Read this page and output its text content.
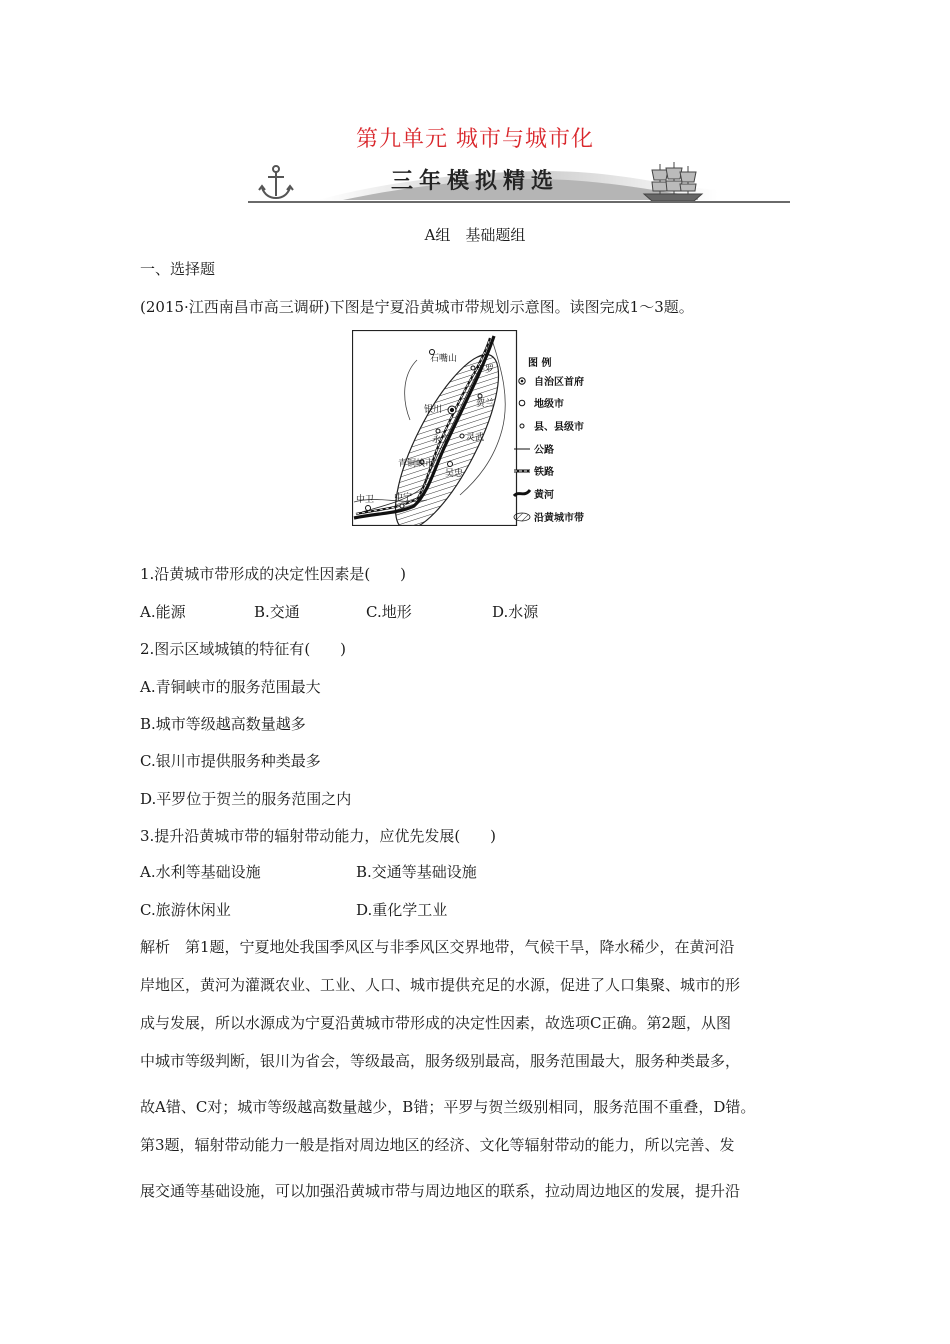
第九单元 城市与城市化
三年模拟精选
A组　基础题组
一、选择题
(2015·江西南昌市高三调研)下图是宁夏沿黄城市带规划示意图。读图完成1～3题。
石嘴山
平罗
贺兰
银川
永宁 灵武
青铜峡市
吴忠
中卫 中宁
图 例
自治区首府
地级市
县、县级市
公路
铁路
黄河
沿黄城市带
1.沿黄城市带形成的决定性因素是(　　)
A.能源	B.交通	C.地形	D.水源
2.图示区域城镇的特征有(　　)
A.青铜峡市的服务范围最大
B.城市等级越高数量越多
C.银川市提供服务种类最多
D.平罗位于贺兰的服务范围之内
3.提升沿黄城市带的辐射带动能力，应优先发展(　　)
A.水利等基础设施	B.交通等基础设施
C.旅游休闲业	D.重化学工业
解析　第1题，宁夏地处我国季风区与非季风区交界地带，气候干旱，降水稀少，在黄河沿
岸地区，黄河为灌溉农业、工业、人口、城市提供充足的水源，促进了人口集聚、城市的形
成与发展，所以水源成为宁夏沿黄城市带形成的决定性因素，故选项C正确。第2题，从图
中城市等级判断，银川为省会，等级最高，服务级别最高，服务范围最大，服务种类最多，
故A错、C对；城市等级越高数量越少，B错；平罗与贺兰级别相同，服务范围不重叠，D错。
第3题，辐射带动能力一般是指对周边地区的经济、文化等辐射带动的能力，所以完善、发
展交通等基础设施，可以加强沿黄城市带与周边地区的联系，拉动周边地区的发展，提升沿
